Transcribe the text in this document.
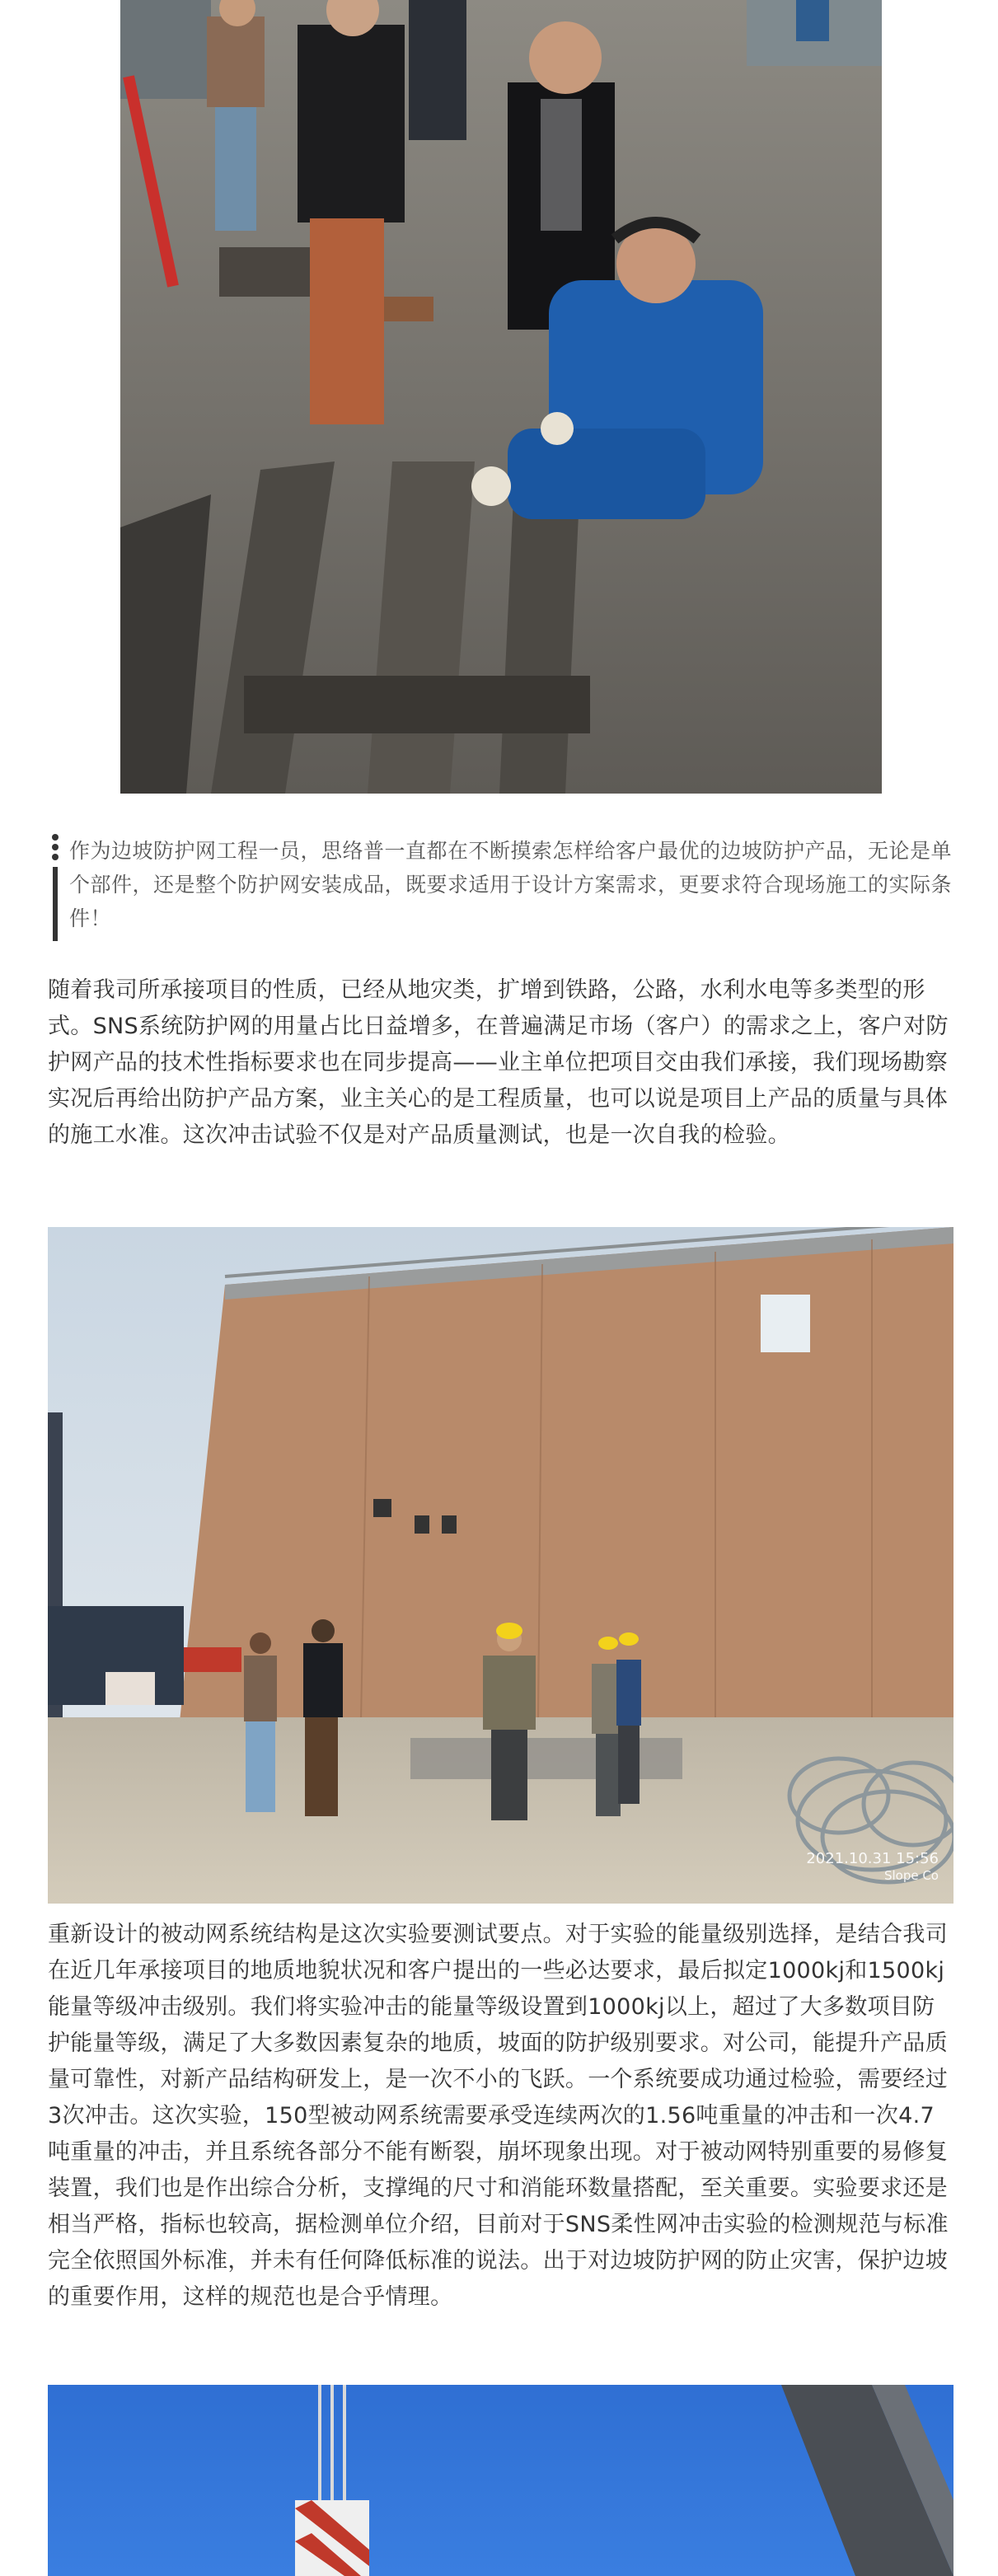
作为边坡防护网工程一员，思络普一直都在不断摸索怎样给客户最优的边坡防护产品，无论是单个部件，还是整个防护网安装成品，既要求适用于设计方案需求，更要求符合现场施工的实际条件！

随着我司所承接项目的性质，已经从地灾类，扩增到铁路，公路，水利水电等多类型的形式。SNS系统防护网的用量占比日益增多，在普遍满足市场（客户）的需求之上，客户对防护网产品的技术性指标要求也在同步提高——业主单位把项目交由我们承接，我们现场勘察实况后再给出防护产品方案，业主关心的是工程质量，也可以说是项目上产品的质量与具体的施工水准。这次冲击试验不仅是对产品质量测试，也是一次自我的检验。

2021.10.31 15:56
Slope Co

重新设计的被动网系统结构是这次实验要测试要点。对于实验的能量级别选择，是结合我司在近几年承接项目的地质地貌状况和客户提出的一些必达要求，最后拟定1000kj和1500kj能量等级冲击级别。我们将实验冲击的能量等级设置到1000kj以上，超过了大多数项目防护能量等级，满足了大多数因素复杂的地质，坡面的防护级别要求。对公司，能提升产品质量可靠性，对新产品结构研发上，是一次不小的飞跃。一个系统要成功通过检验，需要经过3次冲击。这次实验，150型被动网系统需要承受连续两次的1.56吨重量的冲击和一次4.7吨重量的冲击，并且系统各部分不能有断裂，崩坏现象出现。对于被动网特别重要的易修复装置，我们也是作出综合分析，支撑绳的尺寸和消能环数量搭配，至关重要。实验要求还是相当严格，指标也较高，据检测单位介绍，目前对于SNS柔性网冲击实验的检测规范与标准完全依照国外标准，并未有任何降低标准的说法。出于对边坡防护网的防止灾害，保护边坡的重要作用，这样的规范也是合乎情理。
